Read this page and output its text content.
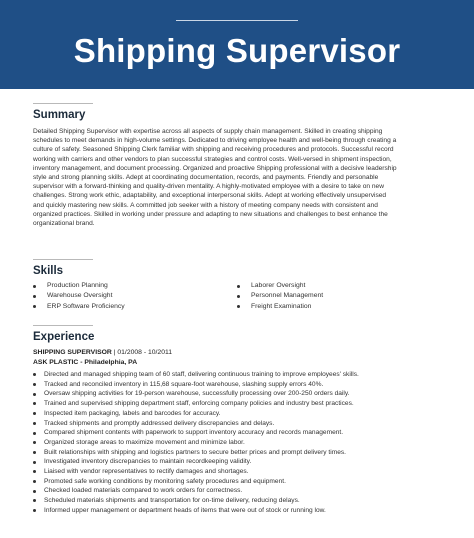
Shipping Supervisor
Summary
Detailed Shipping Supervisor with expertise across all aspects of supply chain management. Skilled in creating shipping
schedules to meet demands in high-volume settings. Dedicated to driving employee health and well-being through creating a
culture of safety. Seasoned Shipping Clerk familiar with shipping and receiving procedures and protocols. Successful record
working with carriers and other vendors to plan successful strategies and control costs. Well-versed in shipment inspection,
inventory management, and document processing. Organized and proactive Shipping professional with a decisive leadership
style and strong planning skills. Adept at coordinating documentation, records, and payments. Friendly and personable
supervisor with a forward-thinking and quality-driven mentality. A highly-motivated employee with a desire to take on new
challenges. Strong work ethic, adaptability, and exceptional interpersonal skills. Adept at working effectively unsupervised
and quickly mastering new skills. A committed job seeker with a history of meeting company needs with consistent and
organized practices. Skilled in working under pressure and adapting to new situations and challenges to best enhance the
organizational brand.
Skills
Production Planning
Warehouse Oversight
ERP Software Proficiency
Laborer Oversight
Personnel Management
Freight Examination
Experience
SHIPPING SUPERVISOR | 01/2008 - 10/2011
ASK PLASTIC - Philadelphia, PA
Directed and managed shipping team of 60 staff, delivering continuous training to improve employees' skills.
Tracked and reconciled inventory in 115,68 square-foot warehouse, slashing supply errors 40%.
Oversaw shipping activities for 19-person warehouse, successfully processing over 200-250 orders daily.
Trained and supervised shipping department staff, enforcing company policies and industry best practices.
Inspected item packaging, labels and barcodes for accuracy.
Tracked shipments and promptly addressed delivery discrepancies and delays.
Compared shipment contents with paperwork to support inventory accuracy and records management.
Organized storage areas to maximize movement and minimize labor.
Built relationships with shipping and logistics partners to secure better prices and prompt delivery times.
Investigated inventory discrepancies to maintain recordkeeping validity.
Liaised with vendor representatives to rectify damages and shortages.
Promoted safe working conditions by monitoring safety procedures and equipment.
Checked loaded materials compared to work orders for correctness.
Scheduled materials shipments and transportation for on-time delivery, reducing delays.
Informed upper management or department heads of items that were out of stock or running low.
